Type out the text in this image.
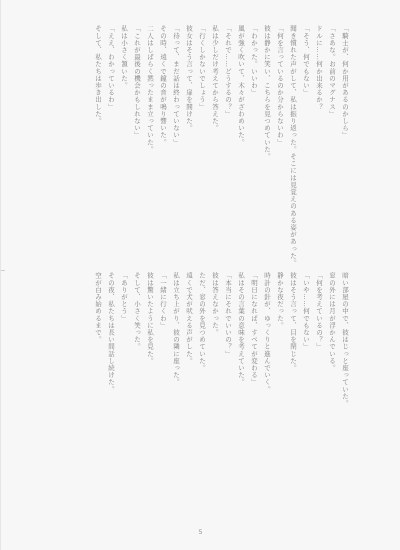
「騎士が、何か用があるのかしら」
「さあな。お前のマグナス」
ドルに……何か出来るか？
「そう、何でもない」
聞き慣れた声がして、私は振り返った。そこには見覚えのある姿があった。
「何を言っているのか分からないわ」
彼は静かに笑い、こちらを見つめていた。
「わかった。いいわ」
風が強く吹いて、木々がざわめいた。
「それで……どうするの？」
私は少しだけ考えてから答えた。
「行くしかないでしょう」
彼女はそう言って、扉を開けた。
「待って、まだ話は終わっていない」
その時、遠くで鐘の音が鳴り響いた。
二人はしばらく黙ったまま立っていた。
「これが最後の機会かもしれない」
私は小さく頷いた。
「ええ、わかっているわ」
そして、私たちは歩き出した。
暗い部屋の中で、彼はじっと座っていた。
窓の外には月が浮かんでいる。
「何を考えているの？」
「いや……何でもない」
彼はそう言って、目を閉じた。
静かな夜だった。
時計の針が、ゆっくりと進んでいく。
「明日になれば、すべてが変わる」
私はその言葉の意味を考えていた。
「本当にそれでいいの？」
彼は答えなかった。
ただ、窓の外を見つめていた。
遠くで犬が吠える声がした。
私は立ち上がり、彼の隣に座った。
「一緒に行くわ」
彼は驚いたように私を見た。
そして、小さく笑った。
「ありがとう」
その夜、私たちは長い間話し続けた。
空が白み始めるまで。
5
